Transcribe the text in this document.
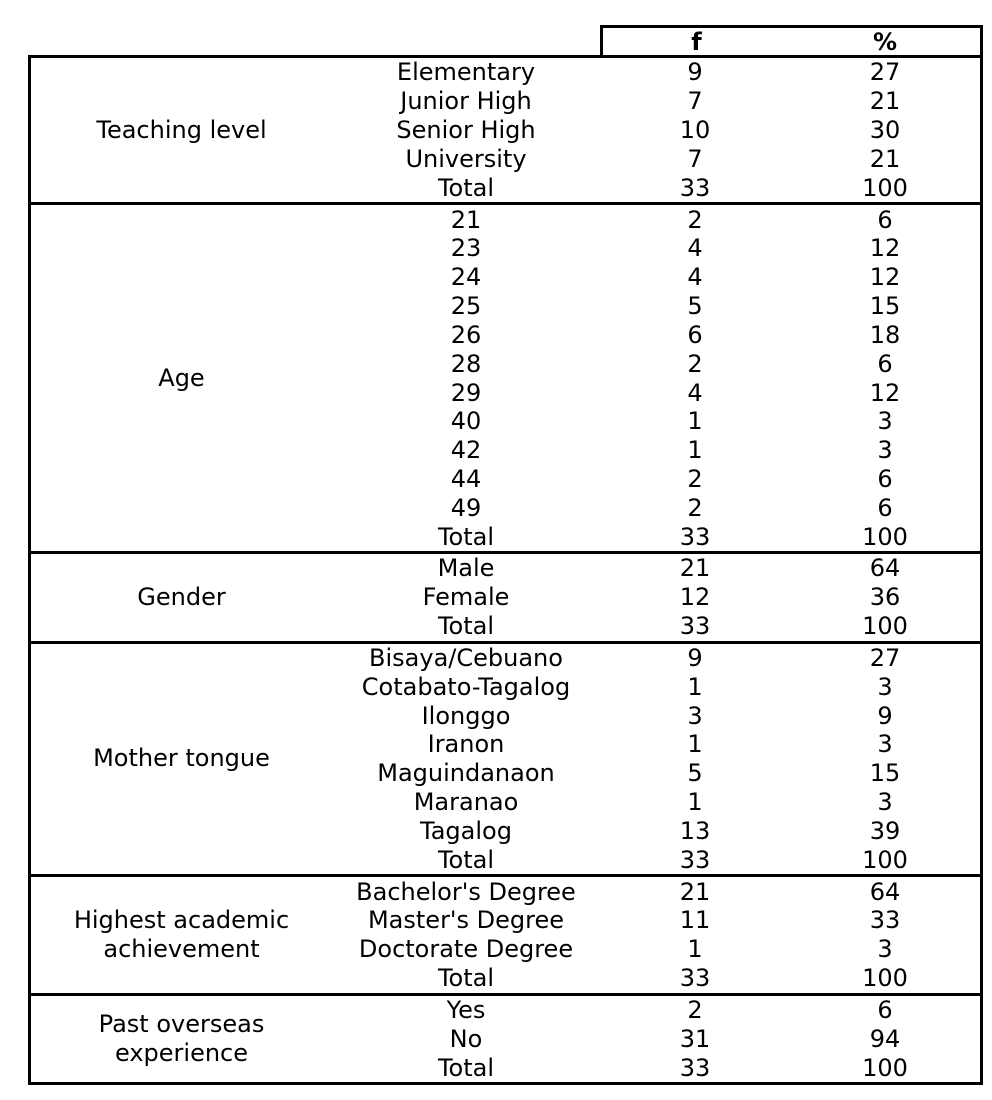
f	%
Teaching level
Elementary	9	27
Junior High	7	21
Senior High	10	30
University	7	21
Total	33	100
Age
21	2	6
23	4	12
24	4	12
25	5	15
26	6	18
28	2	6
29	4	12
40	1	3
42	1	3
44	2	6
49	2	6
Total	33	100
Gender
Male	21	64
Female	12	36
Total	33	100
Mother tongue
Bisaya/Cebuano	9	27
Cotabato-Tagalog	1	3
Ilonggo	3	9
Iranon	1	3
Maguindanaon	5	15
Maranao	1	3
Tagalog	13	39
Total	33	100
Highest academic achievement
Bachelor's Degree	21	64
Master's Degree	11	33
Doctorate Degree	1	3
Total	33	100
Past overseas experience
Yes	2	6
No	31	94
Total	33	100
